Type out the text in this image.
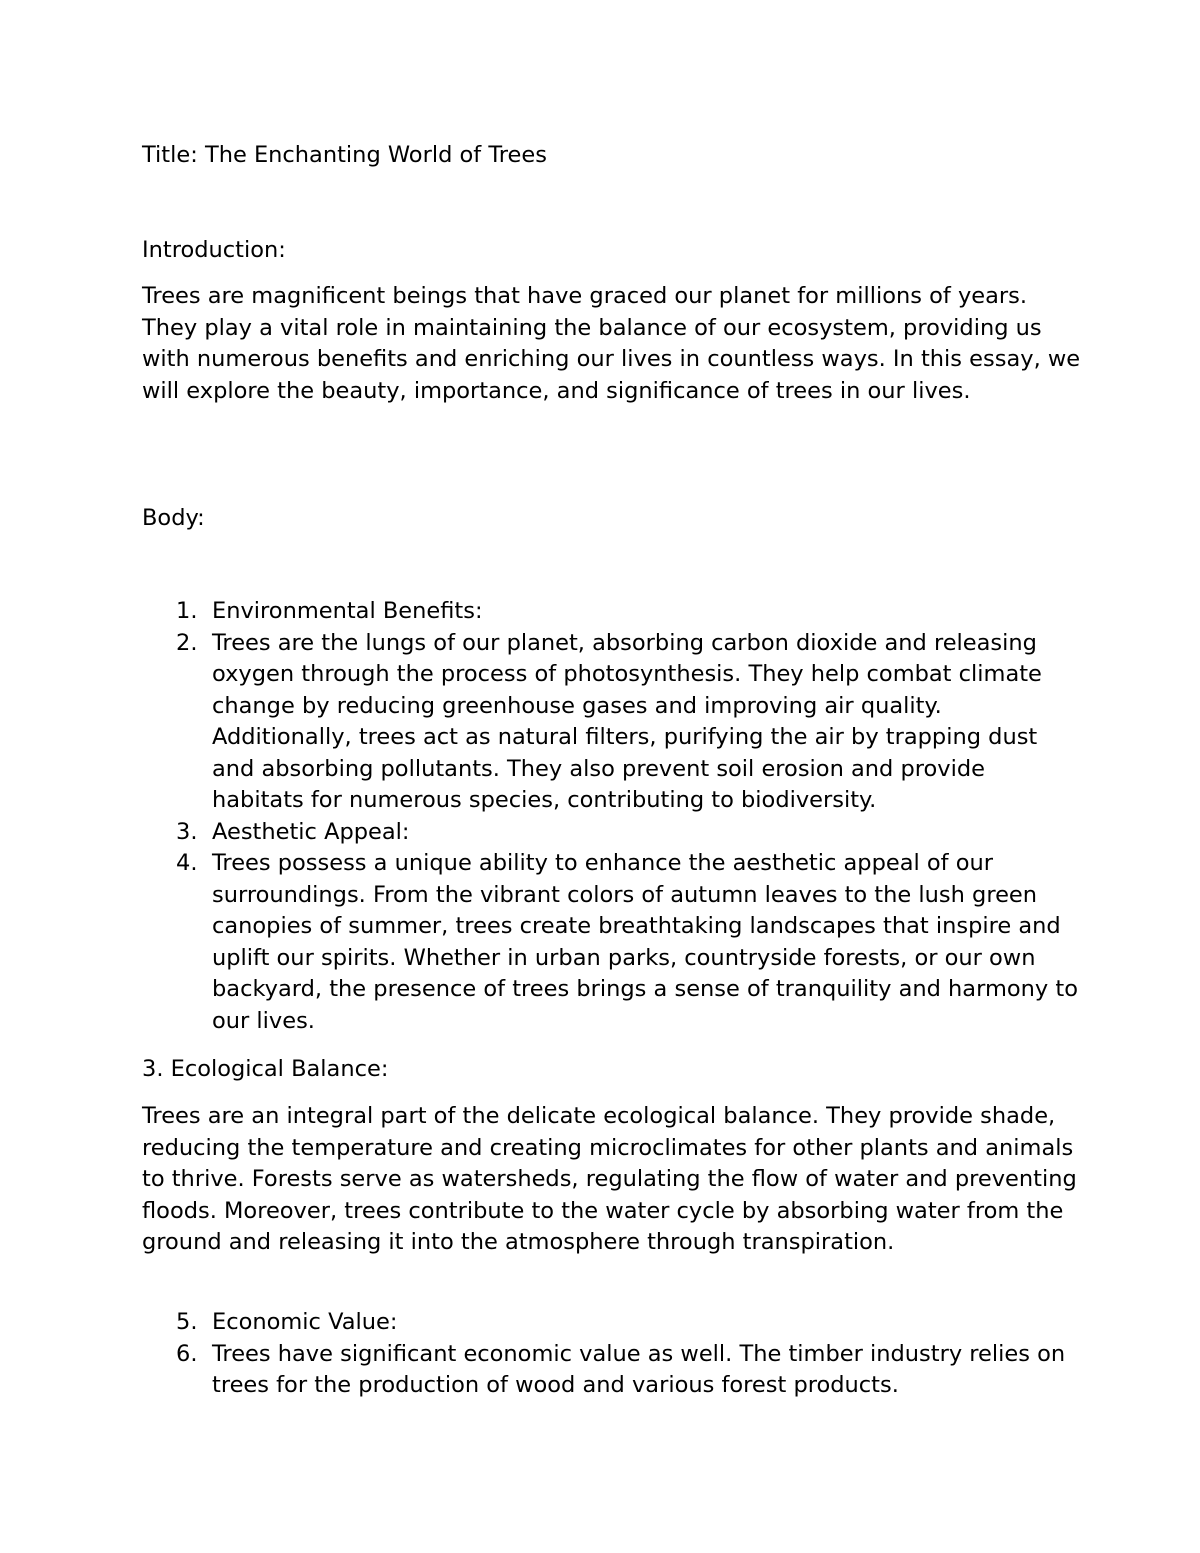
Title: The Enchanting World of Trees

Introduction:

Trees are magnificent beings that have graced our planet for millions of years. They play a vital role in maintaining the balance of our ecosystem, providing us with numerous benefits and enriching our lives in countless ways. In this essay, we will explore the beauty, importance, and significance of trees in our lives.

Body:

1. Environmental Benefits:
2. Trees are the lungs of our planet, absorbing carbon dioxide and releasing oxygen through the process of photosynthesis. They help combat climate change by reducing greenhouse gases and improving air quality. Additionally, trees act as natural filters, purifying the air by trapping dust and absorbing pollutants. They also prevent soil erosion and provide habitats for numerous species, contributing to biodiversity.
3. Aesthetic Appeal:
4. Trees possess a unique ability to enhance the aesthetic appeal of our surroundings. From the vibrant colors of autumn leaves to the lush green canopies of summer, trees create breathtaking landscapes that inspire and uplift our spirits. Whether in urban parks, countryside forests, or our own backyard, the presence of trees brings a sense of tranquility and harmony to our lives.

3. Ecological Balance:

Trees are an integral part of the delicate ecological balance. They provide shade, reducing the temperature and creating microclimates for other plants and animals to thrive. Forests serve as watersheds, regulating the flow of water and preventing floods. Moreover, trees contribute to the water cycle by absorbing water from the ground and releasing it into the atmosphere through transpiration.

5. Economic Value:
6. Trees have significant economic value as well. The timber industry relies on trees for the production of wood and various forest products.
